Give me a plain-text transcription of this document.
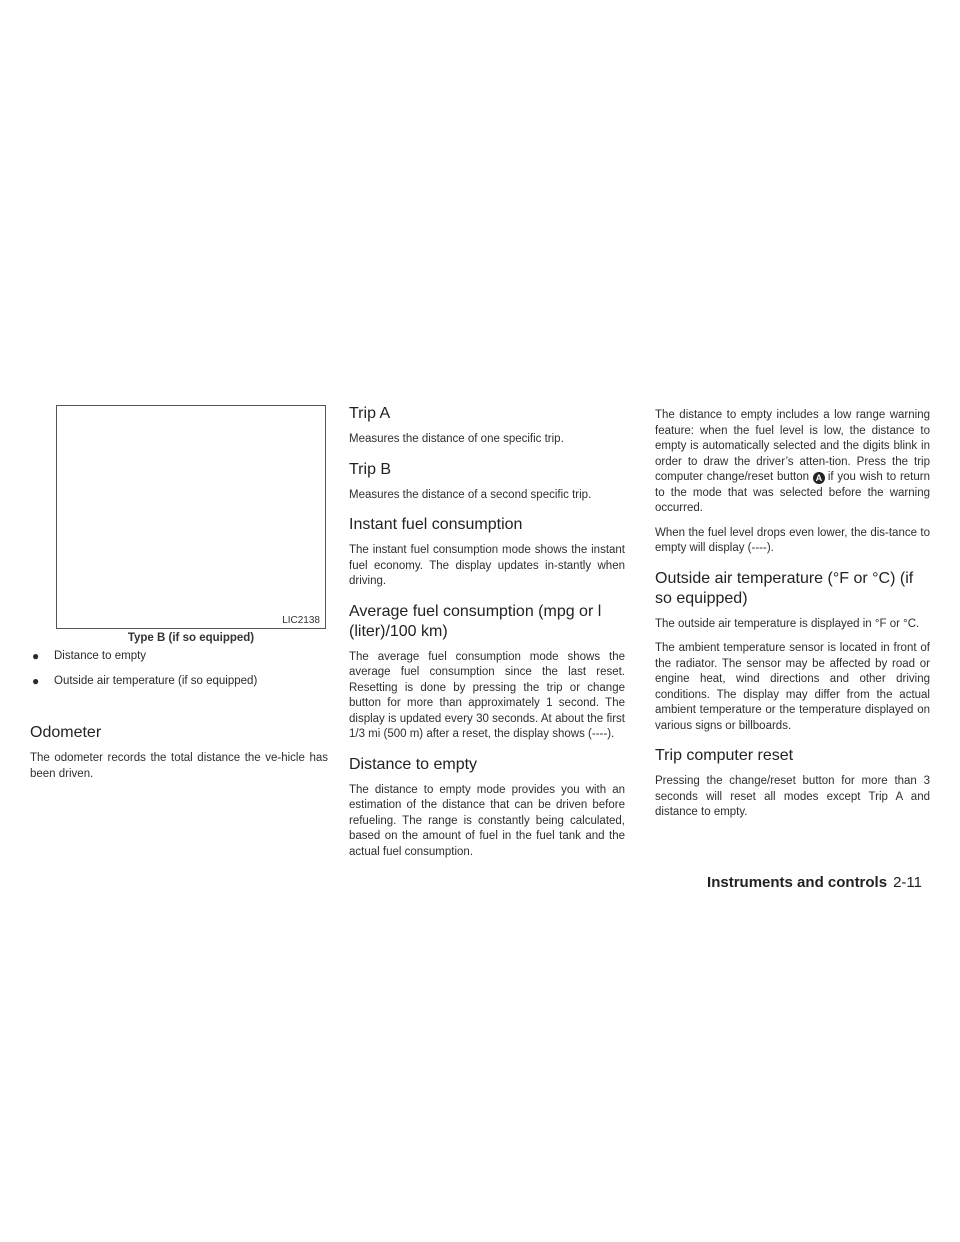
LIC2138
Type B (if so equipped)
● Distance to empty
● Outside air temperature (if so equipped)
Odometer

The odometer records the total distance the ve-hicle has been driven.

Trip A

Measures the distance of one specific trip.

Trip B

Measures the distance of a second specific trip.

Instant fuel consumption

The instant fuel consumption mode shows the instant fuel economy. The display updates in-stantly when driving.

Average fuel consumption (mpg or l (liter)/100 km)

The average fuel consumption mode shows the average fuel consumption since the last reset. Resetting is done by pressing the trip or change button for more than approximately 1 second. The display is updated every 30 seconds. At about the first 1/3 mi (500 m) after a reset, the display shows (----).

Distance to empty

The distance to empty mode provides you with an estimation of the distance that can be driven before refueling. The range is constantly being calculated, based on the amount of fuel in the fuel tank and the actual fuel consumption.

The distance to empty includes a low range warning feature: when the fuel level is low, the distance to empty is automatically selected and the digits blink in order to draw the driver’s atten-tion. Press the trip computer change/reset button A if you wish to return to the mode that was selected before the warning occurred.

When the fuel level drops even lower, the dis-tance to empty will display (----).

Outside air temperature (°F or °C) (if so equipped)

The outside air temperature is displayed in °F or °C.

The ambient temperature sensor is located in front of the radiator. The sensor may be affected by road or engine heat, wind directions and other driving conditions. The display may differ from the actual ambient temperature or the temperature displayed on various signs or billboards.

Trip computer reset

Pressing the change/reset button for more than 3 seconds will reset all modes except Trip A and distance to empty.

Instruments and controls 2-11
